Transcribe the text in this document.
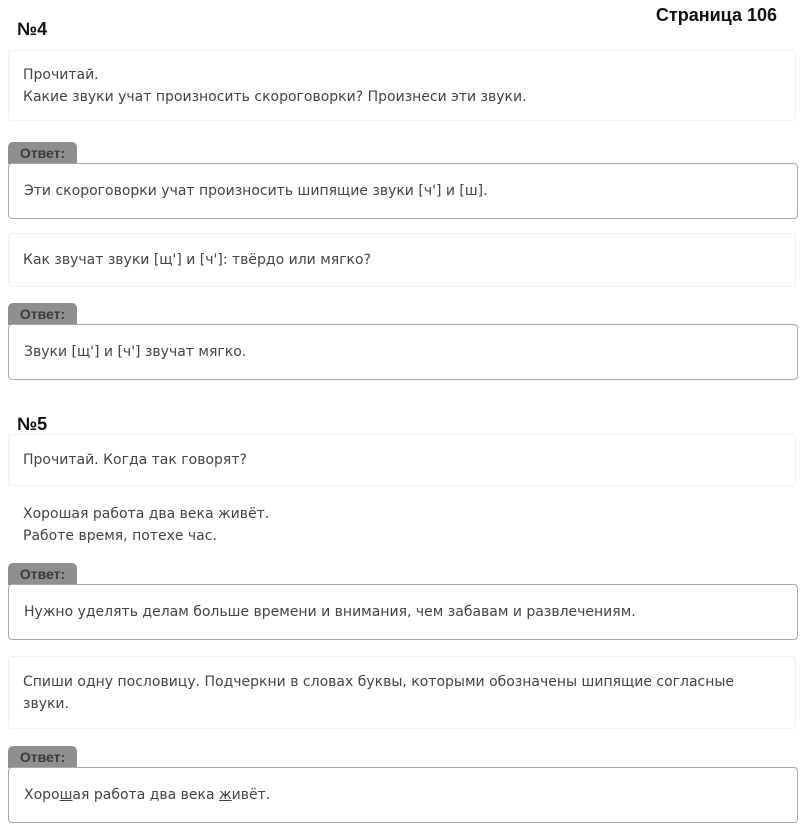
Страница 106
№4
Прочитай.
Какие звуки учат произносить скороговорки? Произнеси эти звуки.
Ответ:
Эти скороговорки учат произносить шипящие звуки [ч'] и [ш].
Как звучат звуки [щ'] и [ч']: твёрдо или мягко?
Ответ:
Звуки [щ'] и [ч'] звучат мягко.
№5
Прочитай. Когда так говорят?
Хорошая работа два века живёт.
Работе время, потехе час.
Ответ:
Нужно уделять делам больше времени и внимания, чем забавам и развлечениям.
Спиши одну пословицу. Подчеркни в словах буквы, которыми обозначены шипящие согласные звуки.
Ответ:
Хорошая работа два века живёт.
